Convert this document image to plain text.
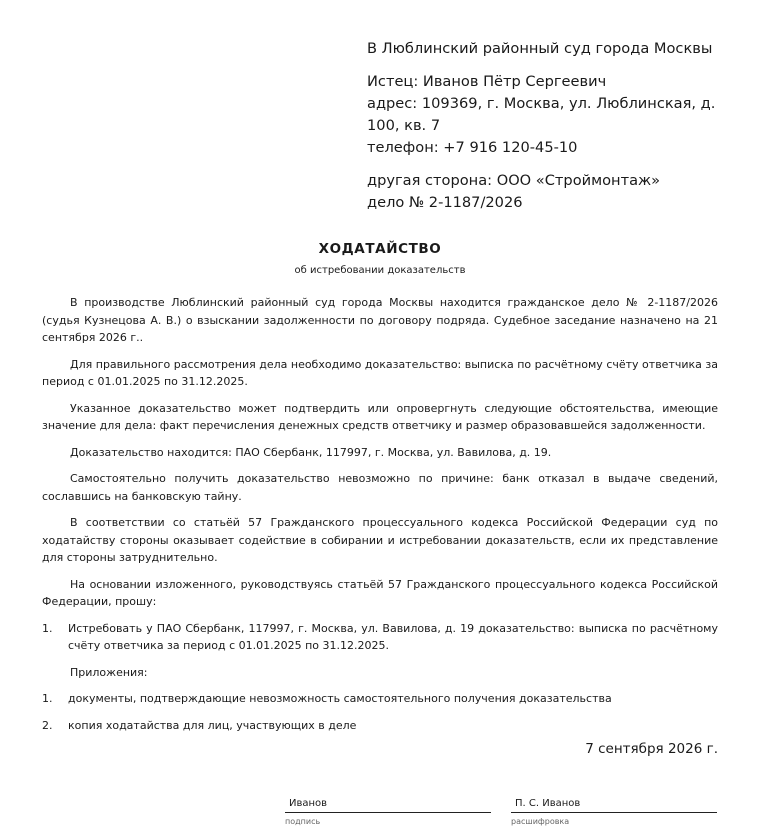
В Люблинский районный суд города Москвы

Истец: Иванов Пётр Сергеевич

адрес: 109369, г. Москва, ул. Люблинская, д. 100, кв. 7

телефон: +7 916 120-45-10

другая сторона: ООО «Строймонтаж»

дело № 2-1187/2026

ХОДАТАЙСТВО
об истребовании доказательств

В производстве Люблинский районный суд города Москвы находится гражданское дело № 2-1187/2026 (судья Кузнецова А. В.) о взыскании задолженности по договору подряда. Судебное заседание назначено на 21 сентября 2026 г..

Для правильного рассмотрения дела необходимо доказательство: выписка по расчётному счёту ответчика за период с 01.01.2025 по 31.12.2025.

Указанное доказательство может подтвердить или опровергнуть следующие обстоятельства, имеющие значение для дела: факт перечисления денежных средств ответчику и размер образовавшейся задолженности.

Доказательство находится: ПАО Сбербанк, 117997, г. Москва, ул. Вавилова, д. 19.

Самостоятельно получить доказательство невозможно по причине: банк отказал в выдаче сведений, сославшись на банковскую тайну.

В соответствии со статьёй 57 Гражданского процессуального кодекса Российской Федерации суд по ходатайству стороны оказывает содействие в собирании и истребовании доказательств, если их представление для стороны затруднительно.

На основании изложенного, руководствуясь статьёй 57 Гражданского процессуального кодекса Российской Федерации, прошу:

1.	Истребовать у ПАО Сбербанк, 117997, г. Москва, ул. Вавилова, д. 19 доказательство: выписка по расчётному счёту ответчика за период с 01.01.2025 по 31.12.2025.

Приложения:

1.	документы, подтверждающие невозможность самостоятельного получения доказательства
2.	копия ходатайства для лиц, участвующих в деле
7 сентября 2026 г.
Иванов
подпись
П. С. Иванов
расшифровка
